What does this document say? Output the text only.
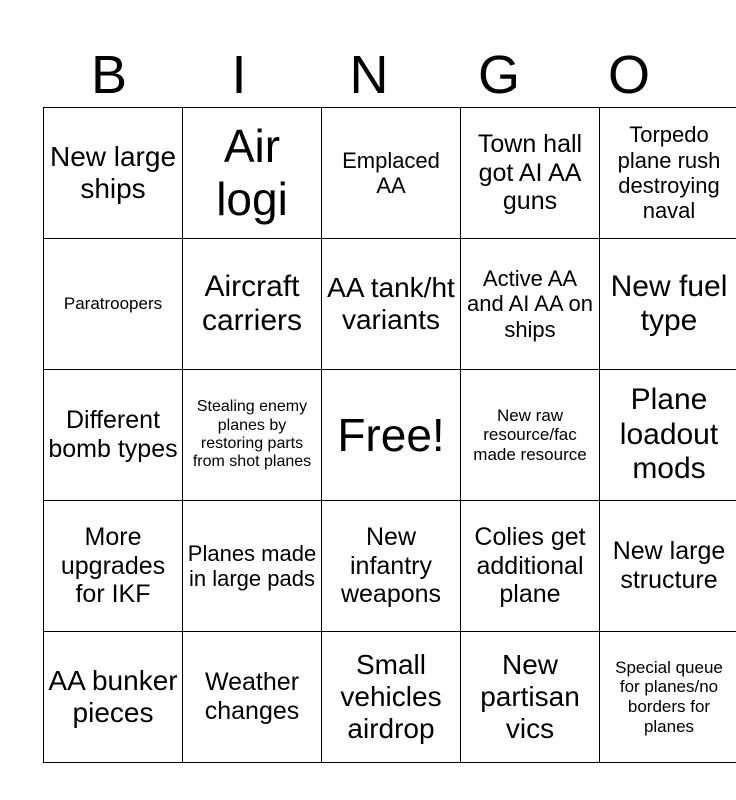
B	I	N	G	O
New large ships	Air logi	Emplaced AA	Town hall got AI AA guns	Torpedo plane rush destroying naval
Paratroopers	Aircraft carriers	AA tank/ht variants	Active AA and AI AA on ships	New fuel type
Different bomb types	Stealing enemy planes by restoring parts from shot planes	Free!	New raw resource/fac made resource	Plane loadout mods
More upgrades for IKF	Planes made in large pads	New infantry weapons	Colies get additional plane	New large structure
AA bunker pieces	Weather changes	Small vehicles airdrop	New partisan vics	Special queue for planes/no borders for planes
